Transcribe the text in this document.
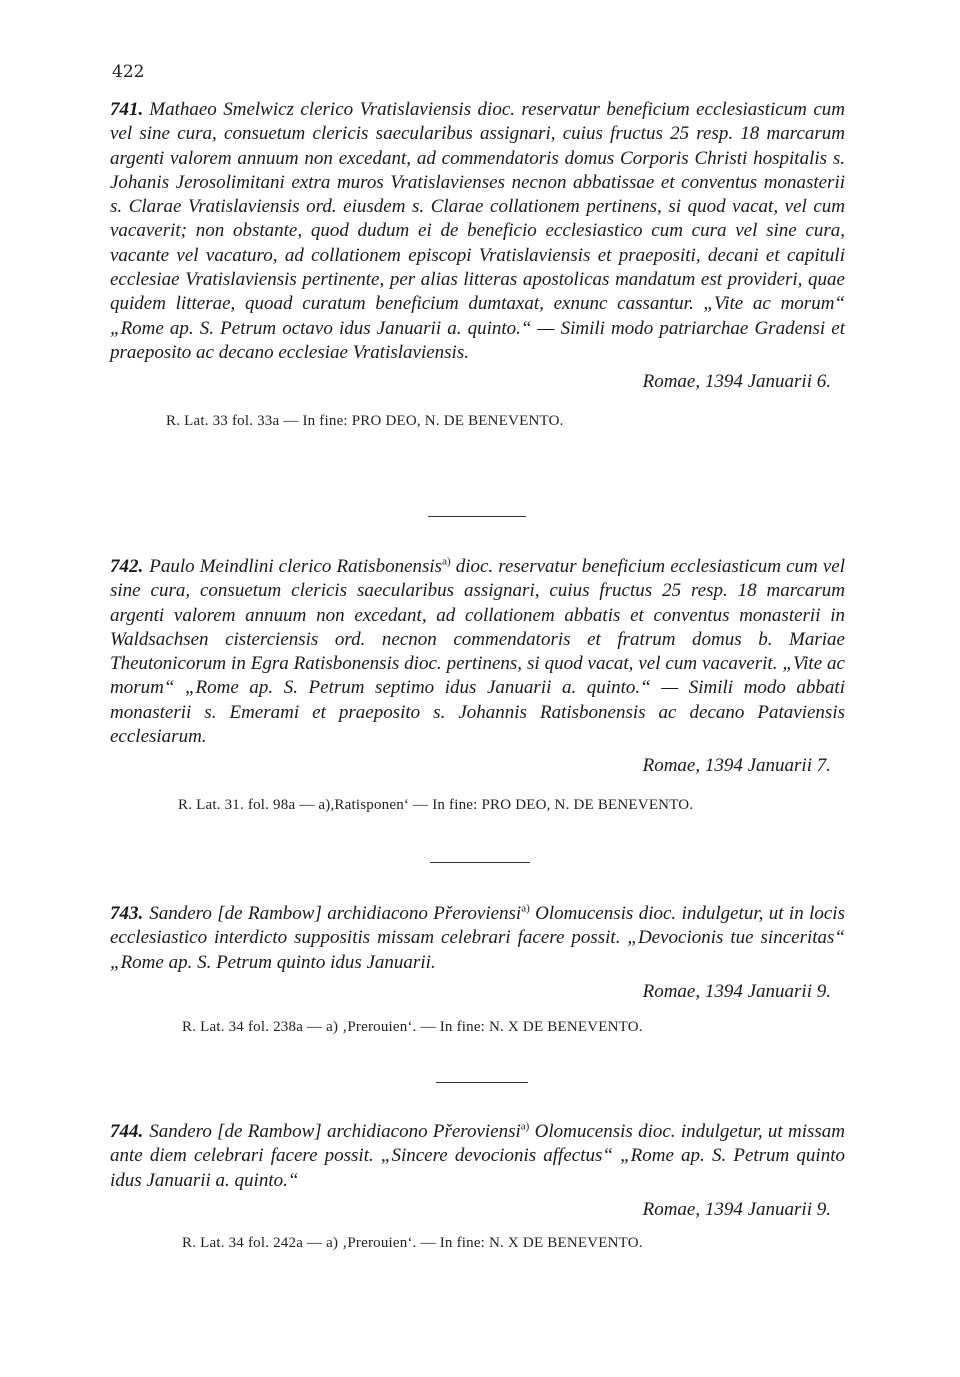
422

741. Mathaeo Smelwicz clerico Vratislaviensis dioc. reservatur beneficium ecclesiasticum cum vel sine cura, consuetum clericis saecularibus assignari, cuius fructus 25 resp. 18 marcarum argenti valorem annuum non excedant, ad commendatoris domus Corporis Christi hospitalis s. Johanis Jerosolimitani extra muros Vratislavienses necnon abbatissae et conventus monasterii s. Clarae Vratislaviensis ord. eiusdem s. Clarae collationem pertinens, si quod vacat, vel cum vacaverit; non obstante, quod dudum ei de beneficio ecclesiastico cum cura vel sine cura, vacante vel vacaturo, ad collationem episcopi Vratislaviensis et praepositi, decani et capituli ecclesiae Vratislaviensis pertinente, per alias litteras apostolicas mandatum est provideri, quae quidem litterae, quoad curatum beneficium dumtaxat, exnunc cassantur. „Vite ac morum“ „Rome ap. S. Petrum octavo idus Januarii a. quinto.“ — Simili modo patriarchae Gradensi et praeposito ac decano ecclesiae Vratislaviensis.

Romae, 1394 Januarii 6.
R. Lat. 33 fol. 33a — In fine: PRO DEO, N. DE BENEVENTO.

742. Paulo Meindlini clerico Ratisbonensis$^{a)}$ dioc. reservatur beneficium ecclesiasticum cum vel sine cura, consuetum clericis saecularibus assignari, cuius fructus 25 resp. 18 marcarum argenti valorem annuum non excedant, ad collationem abbatis et conventus monasterii in Waldsachsen cisterciensis ord. necnon commendatoris et fratrum domus b. Mariae Theutonicorum in Egra Ratisbonensis dioc. pertinens, si quod vacat, vel cum vacaverit. „Vite ac morum“ „Rome ap. S. Petrum septimo idus Januarii a. quinto.“ — Simili modo abbati monasterii s. Emerami et praeposito s. Johannis Ratisbonensis ac decano Pataviensis ecclesiarum.

Romae, 1394 Januarii 7.
R. Lat. 31. fol. 98a — a),Ratisponen‘ — In fine: PRO DEO, N. DE BENEVENTO.

743. Sandero [de Rambow] archidiacono Přeroviensi$^{a)}$ Olomucensis dioc. indulgetur, ut in locis ecclesiastico interdicto suppositis missam celebrari facere possit. „Devocionis tue sinceritas“ „Rome ap. S. Petrum quinto idus Januarii.

Romae, 1394 Januarii 9.
R. Lat. 34 fol. 238a — a) ‚Prerouien‘. — In fine: N. X DE BENEVENTO.

744. Sandero [de Rambow] archidiacono Přeroviensi$^{a)}$ Olomucensis dioc. indulgetur, ut missam ante diem celebrari facere possit. „Sincere devocionis affectus“ „Rome ap. S. Petrum quinto idus Januarii a. quinto.“

Romae, 1394 Januarii 9.
R. Lat. 34 fol. 242a — a) ‚Prerouien‘. — In fine: N. X DE BENEVENTO.
